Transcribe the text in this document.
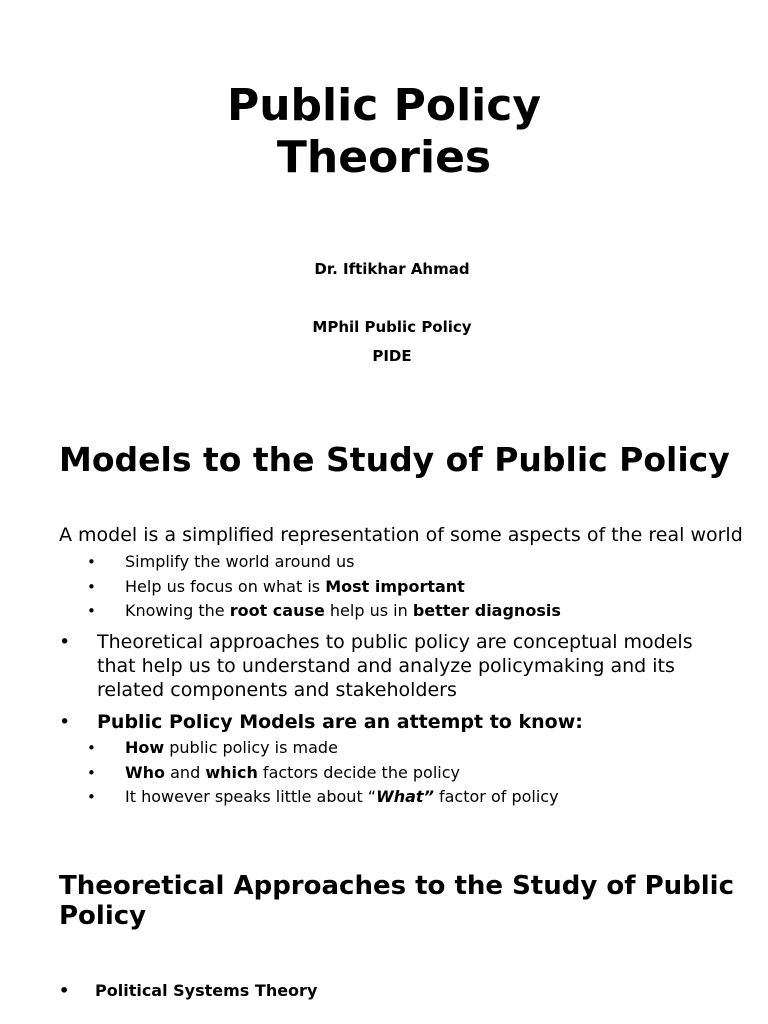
Public Policy
Theories
Dr. Iftikhar Ahmad
MPhil Public Policy
PIDE
Models to the Study of Public Policy
A model is a simplified representation of some aspects of the real world
• Simplify the world around us
• Help us focus on what is Most important
• Knowing the root cause help us in better diagnosis
• Theoretical approaches to public policy are conceptual models that help us to understand and analyze policymaking and its related components and stakeholders
• Public Policy Models are an attempt to know:
• How public policy is made
• Who and which factors decide the policy
• It however speaks little about “What” factor of policy
Theoretical Approaches to the Study of Public Policy
• Political Systems Theory
